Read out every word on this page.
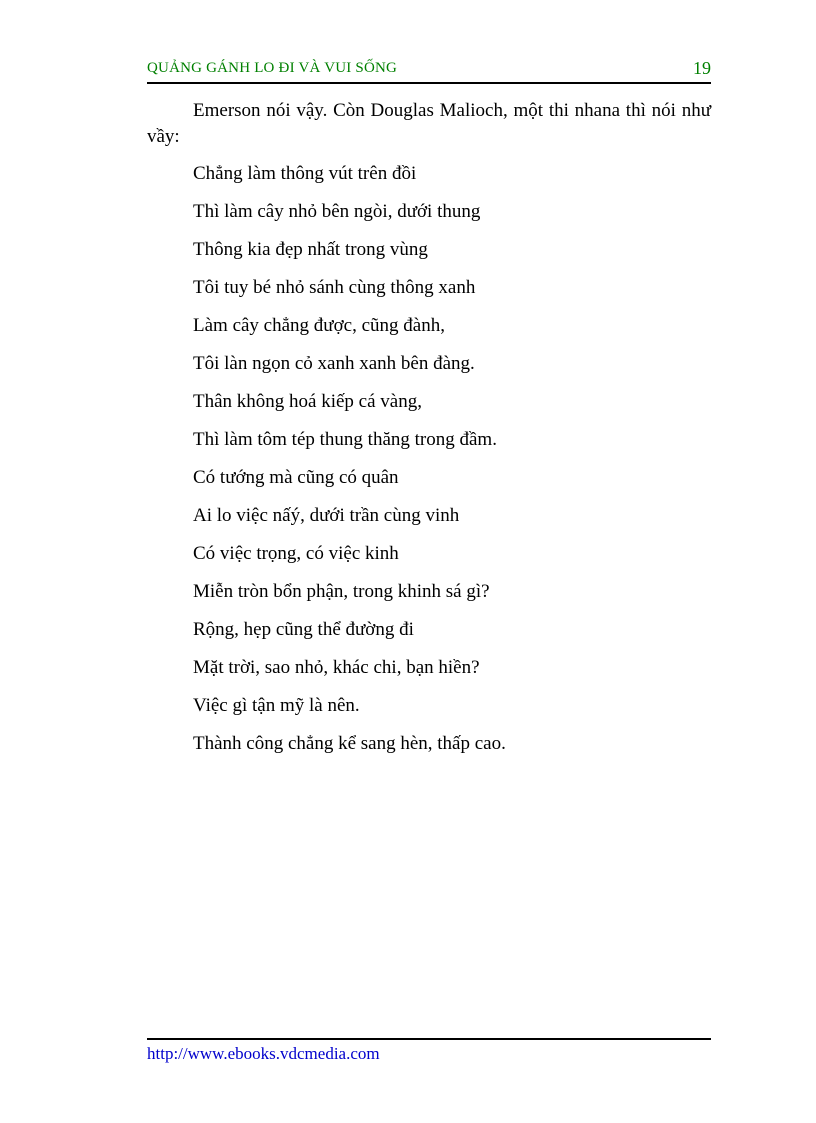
QUẢNG GÁNH LO ĐI VÀ VUI SỐNG	19

Emerson nói vậy. Còn Douglas Malioch, một thi nhana thì nói như vầy:

Chẳng làm thông vút trên đồi
Thì làm cây nhỏ bên ngòi, dưới thung
Thông kia đẹp nhất trong vùng
Tôi tuy bé nhỏ sánh cùng thông xanh
Làm cây chẳng được, cũng đành,
Tôi làn ngọn cỏ xanh xanh bên đàng.
Thân không hoá kiếp cá vàng,
Thì làm tôm tép thung thăng trong đầm.
Có tướng mà cũng có quân
Ai lo việc nấý, dưới trần cùng vinh
Có việc trọng, có việc kinh
Miễn tròn bổn phận, trong khinh sá gì?
Rộng, hẹp cũng thể đường đi
Mặt trời, sao nhỏ, khác chi, bạn hiền?
Việc gì tận mỹ là nên.
Thành công chẳng kể sang hèn, thấp cao.
http://www.ebooks.vdcmedia.com
